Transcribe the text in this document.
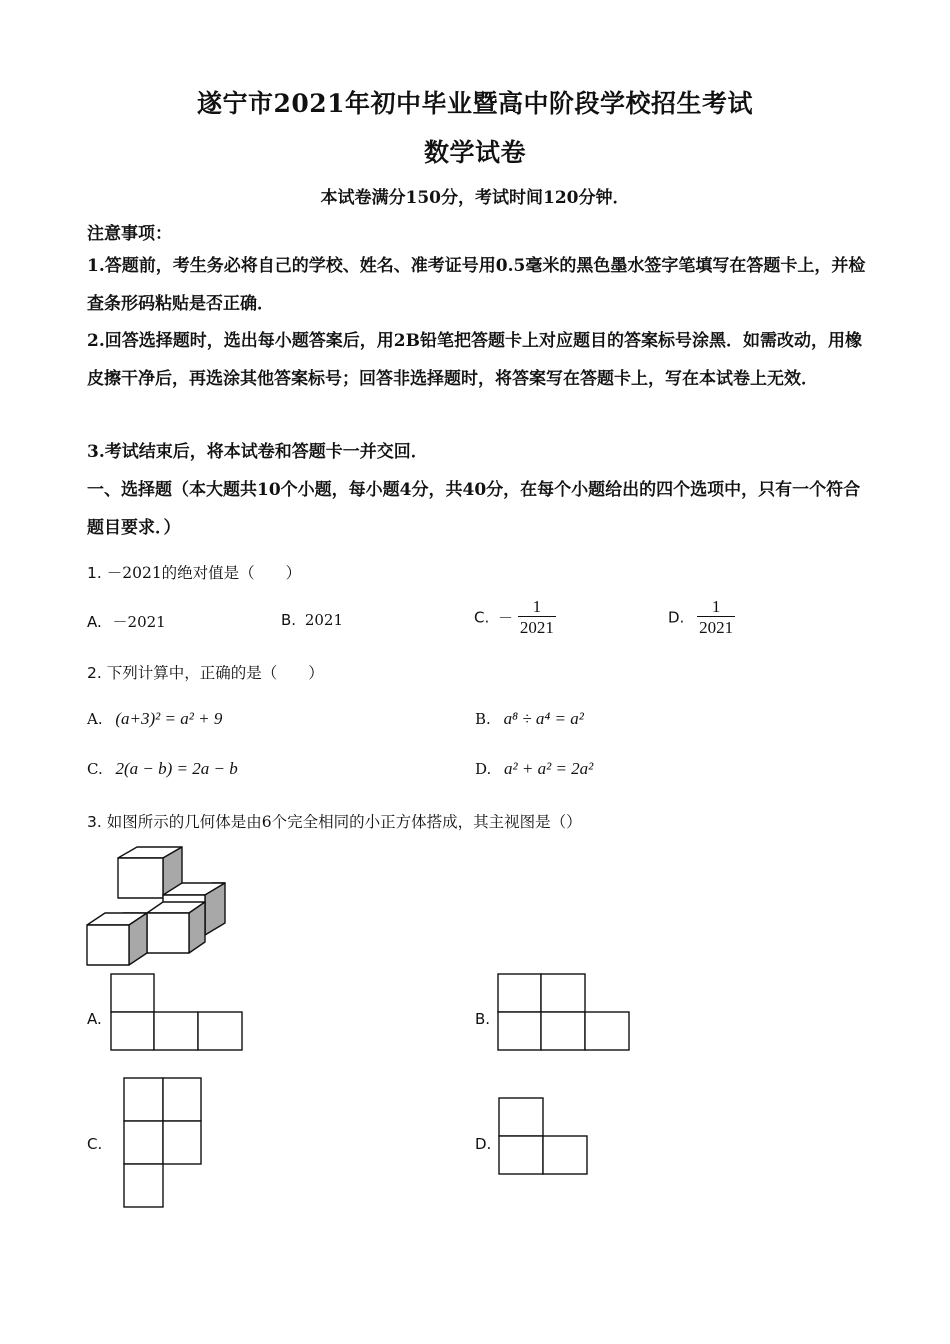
遂宁市2021年初中毕业暨高中阶段学校招生考试
数学试卷
本试卷满分150分，考试时间120分钟．
注意事项：
1.答题前，考生务必将自己的学校、姓名、准考证号用0.5毫米的黑色墨水签字笔填写在答题卡上，并检查条形码粘贴是否正确．
2.回答选择题时，选出每小题答案后，用2B铅笔把答题卡上对应题目的答案标号涂黑．如需改动，用橡皮擦干净后，再选涂其他答案标号；回答非选择题时，将答案写在答题卡上，写在本试卷上无效．
3.考试结束后，将本试卷和答题卡一并交回．
一、选择题（本大题共10个小题，每小题4分，共40分，在每个小题给出的四个选项中，只有一个符合题目要求．）
1. －2021的绝对值是（　　）
A. －2021	B. 2021	C. － $\frac{1}{2021}$	D. $\frac{1}{2021}$
2. 下列计算中，正确的是（　　）
A. (a+3)² = a² + 9	B. a⁸ ÷ a⁴ = a²
C. 2(a − b) = 2a − b	D. a² + a² = 2a²
3. 如图所示的几何体是由6个完全相同的小正方体搭成，其主视图是（）
A.	B.
C.	D.
